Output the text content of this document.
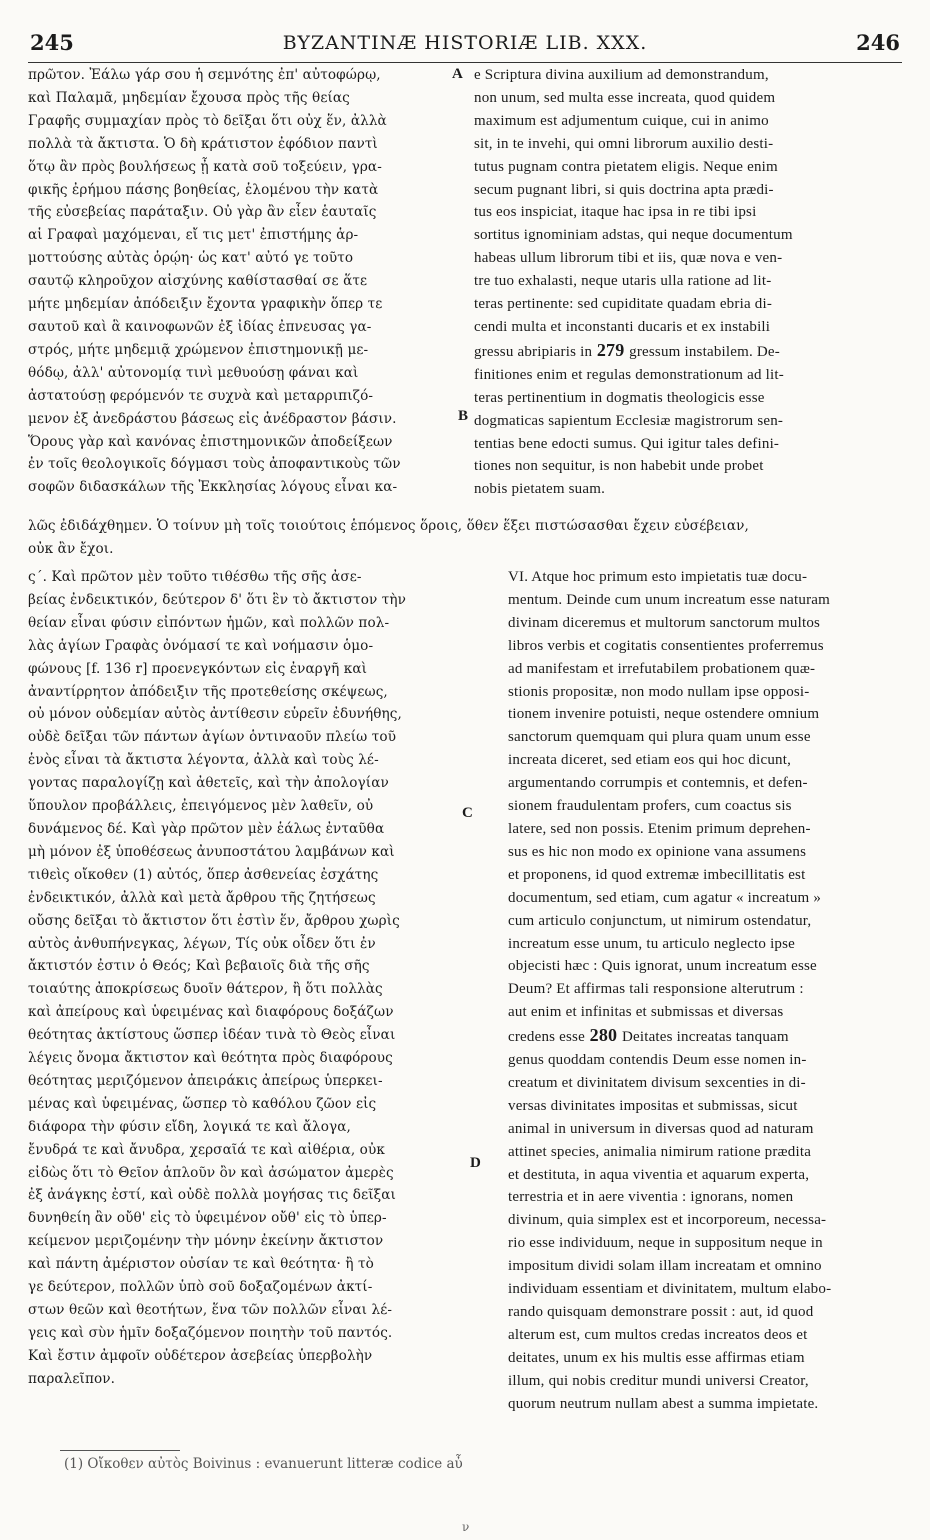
245	BYZANTINÆ HISTORIÆ LIB. XXX.	246
πρῶτον. Ἐάλω γάρ σου ἡ σεμνότης ἐπ' αὐτοφώρῳ,
καὶ Παλαμᾶ, μηδεμίαν ἔχουσα πρὸς τῆς θείας
Γραφῆς συμμαχίαν πρὸς τὸ δεῖξαι ὅτι οὐχ ἕν, ἀλλὰ
πολλὰ τὰ ἄκτιστα. Ὁ δὴ κράτιστον ἐφόδιον παντὶ
ὅτῳ ἂν πρὸς βουλήσεως ᾖ κατὰ σοῦ τοξεύειν, γρα-
φικῆς ἐρήμου πάσης βοηθείας, ἑλομένου τὴν κατὰ
τῆς εὐσεβείας παράταξιν. Οὐ γὰρ ἂν εἶεν ἑαυταῖς
αἱ Γραφαὶ μαχόμεναι, εἴ τις μετ' ἐπιστήμης ἁρ-
μοττούσης αὐτὰς ὁρῴη· ὡς κατ' αὐτό γε τοῦτο
σαυτῷ κληροῦχον αἰσχύνης καθίστασθαί σε ἅτε
μήτε μηδεμίαν ἀπόδειξιν ἔχοντα γραφικὴν ὅπερ τε
σαυτοῦ καὶ ἃ καινοφωνῶν ἐξ ἰδίας ἐπνευσας γα-
στρός, μήτε μηδεμιᾷ χρώμενον ἐπιστημονικῇ με-
θόδῳ, ἀλλ' αὐτονομίᾳ τινὶ μεθυούσῃ φάναι καὶ
ἀστατούσῃ φερόμενόν τε συχνὰ καὶ μεταρριπιζό-
μενον ἐξ ἀνεδράστου βάσεως εἰς ἀνέδραστον βάσιν.
Ὅρους γὰρ καὶ κανόνας ἐπιστημονικῶν ἀποδείξεων
ἐν τοῖς θεολογικοῖς δόγμασι τοὺς ἀποφαντικοὺς τῶν
σοφῶν διδασκάλων τῆς Ἐκκλησίας λόγους εἶναι κα-
e Scriptura divina auxilium ad demonstrandum,
non unum, sed multa esse increata, quod quidem
maximum est adjumentum cuique, cui in animo
sit, in te invehi, qui omni librorum auxilio desti-
tutus pugnam contra pietatem eligis. Neque enim
secum pugnant libri, si quis doctrina apta prædi-
tus eos inspiciat, itaque hac ipsa in re tibi ipsi
sortitus ignominiam adstas, qui neque documentum
habeas ullum librorum tibi et iis, quæ nova e ven-
tre tuo exhalasti, neque utaris ulla ratione ad lit-
teras pertinente: sed cupiditate quadam ebria di-
cendi multa et inconstanti ducaris et ex instabili
gressu abripiaris in 279 gressum instabilem. De-
finitiones enim et regulas demonstrationum ad lit-
teras pertinentium in dogmatis theologicis esse
dogmaticas sapientum Ecclesiæ magistrorum sen-
tentias bene edocti sumus. Qui igitur tales defini-
tiones non sequitur, is non habebit unde probet
nobis pietatem suam.
A
B
λῶς ἐδιδάχθημεν. Ὁ τοίνυν μὴ τοῖς τοιούτοις ἑπόμενος ὅροις, ὅθεν ἕξει πιστώσασθαι ἔχειν εὐσέβειαν,
οὐκ ἂν ἔχοι.
ς΄. Καὶ πρῶτον μὲν τοῦτο τιθέσθω τῆς σῆς ἀσε-
βείας ἐνδεικτικόν, δεύτερον δ' ὅτι ἓν τὸ ἄκτιστον τὴν
θείαν εἶναι φύσιν εἰπόντων ἡμῶν, καὶ πολλῶν πολ-
λὰς ἁγίων Γραφὰς ὀνόμασί τε καὶ νοήμασιν ὁμο-
φώνους [f. 136 r] προενεγκόντων εἰς ἐναργῆ καὶ
ἀναντίρρητον ἀπόδειξιν τῆς προτεθείσης σκέψεως,
οὐ μόνον οὐδεμίαν αὐτὸς ἀντίθεσιν εὑρεῖν ἐδυνήθης,
οὐδὲ δεῖξαι τῶν πάντων ἁγίων ὁντιναοῦν πλείω τοῦ
ἑνὸς εἶναι τὰ ἄκτιστα λέγοντα, ἀλλὰ καὶ τοὺς λέ-
γοντας παραλογίζῃ καὶ ἀθετεῖς, καὶ τὴν ἀπολογίαν
ὕπουλον προβάλλεις, ἐπειγόμενος μὲν λαθεῖν, οὐ
δυνάμενος δέ. Καὶ γὰρ πρῶτον μὲν ἑάλως ἐνταῦθα
μὴ μόνον ἐξ ὑποθέσεως ἀνυποστάτου λαμβάνων καὶ
τιθεὶς οἴκοθεν (1) αὐτός, ὅπερ ἀσθενείας ἐσχάτης
ἐνδεικτικόν, ἀλλὰ καὶ μετὰ ἄρθρου τῆς ζητήσεως
οὔσης δεῖξαι τὸ ἄκτιστον ὅτι ἐστὶν ἕν, ἄρθρου χωρὶς
αὐτὸς ἀνθυπήνεγκας, λέγων, Τίς οὐκ οἶδεν ὅτι ἐν
ἄκτιστόν ἐστιν ὁ Θεός; Καὶ βεβαιοῖς διὰ τῆς σῆς
τοιαύτης ἀποκρίσεως δυοῖν θάτερον, ἢ ὅτι πολλὰς
καὶ ἀπείρους καὶ ὑφειμένας καὶ διαφόρους δοξάζων
θεότητας ἀκτίστους ὥσπερ ἰδέαν τινὰ τὸ Θεὸς εἶναι
λέγεις ὄνομα ἄκτιστον καὶ θεότητα πρὸς διαφόρους
θεότητας μεριζόμενον ἀπειράκις ἀπείρως ὑπερκει-
μένας καὶ ὑφειμένας, ὥσπερ τὸ καθόλου ζῶον εἰς
διάφορα τὴν φύσιν εἴδη, λογικά τε καὶ ἄλογα,
ἔνυδρά τε καὶ ἄνυδρα, χερσαῖά τε καὶ αἰθέρια, οὐκ
εἰδὼς ὅτι τὸ Θεῖον ἁπλοῦν ὂν καὶ ἀσώματον ἀμερὲς
ἐξ ἀνάγκης ἐστί, καὶ οὐδὲ πολλὰ μογήσας τις δεῖξαι
δυνηθείη ἂν οὔθ' εἰς τὸ ὑφειμένον οὔθ' εἰς τὸ ὑπερ-
κείμενον μεριζομένην τὴν μόνην ἐκείνην ἄκτιστον
καὶ πάντη ἀμέριστον οὐσίαν τε καὶ θεότητα· ἢ τὸ
γε δεύτερον, πολλῶν ὑπὸ σοῦ δοξαζομένων ἀκτί-
στων θεῶν καὶ θεοτήτων, ἕνα τῶν πολλῶν εἶναι λέ-
γεις καὶ σὺν ἡμῖν δοξαζόμενον ποιητὴν τοῦ παντός.
Καὶ ἔστιν ἀμφοῖν οὐδέτερον ἀσεβείας ὑπερβολὴν
παραλεῖπον.
VI. Atque hoc primum esto impietatis tuæ docu-
mentum. Deinde cum unum increatum esse naturam
divinam diceremus et multorum sanctorum multos
libros verbis et cogitatis consentientes proferremus
ad manifestam et irrefutabilem probationem quæ-
stionis propositæ, non modo nullam ipse opposi-
tionem invenire potuisti, neque ostendere omnium
sanctorum quemquam qui plura quam unum esse
increata diceret, sed etiam eos qui hoc dicunt,
argumentando corrumpis et contemnis, et defen-
sionem fraudulentam profers, cum coactus sis
latere, sed non possis. Etenim primum deprehen-
sus es hic non modo ex opinione vana assumens
et proponens, id quod extremæ imbecillitatis est
documentum, sed etiam, cum agatur « increatum »
cum articulo conjunctum, ut nimirum ostendatur,
increatum esse unum, tu articulo neglecto ipse
objecisti hæc : Quis ignorat, unum increatum esse
Deum? Et affirmas tali responsione alterutrum :
aut enim et infinitas et submissas et diversas
credens esse 280 Deitates increatas tanquam
genus quoddam contendis Deum esse nomen in-
creatum et divinitatem divisum sexcenties in di-
versas divinitates impositas et submissas, sicut
animal in universum in diversas quod ad naturam
attinet species, animalia nimirum ratione prædita
et destituta, in aqua viventia et aquarum experta,
terrestria et in aere viventia : ignorans, nomen
divinum, quia simplex est et incorporeum, necessa-
rio esse individuum, neque in suppositum neque in
impositum dividi solam illam increatam et omnino
individuam essentiam et divinitatem, multum elabo-
rando quisquam demonstrare possit : aut, id quod
alterum est, cum multos credas increatos deos et
deitates, unum ex his multis esse affirmas etiam
illum, qui nobis creditur mundi universi Creator,
quorum neutrum nullam abest a summa impietate.
C
D
(1) Οἴκοθεν αὐτὸς Boivinus : evanuerunt litteræ codice aὖ
ν
